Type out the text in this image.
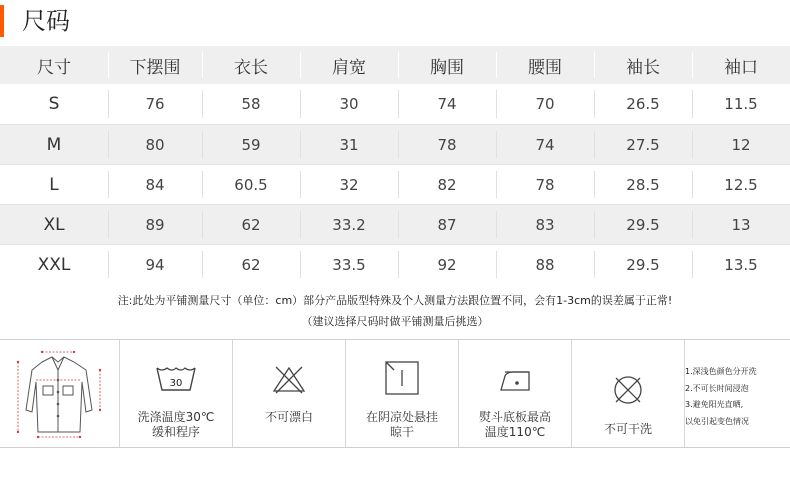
尺码
尺寸	下摆围	衣长	肩宽	胸围	腰围	袖长	袖口
S	76	58	30	74	70	26.5	11.5
M	80	59	31	78	74	27.5	12
L	84	60.5	32	82	78	28.5	12.5
XL	89	62	33.2	87	83	29.5	13
XXL	94	62	33.5	92	88	29.5	13.5
注:此处为平铺测量尺寸（单位：cm）部分产品版型特殊及个人测量方法跟位置不同，会有1-3cm的误差属于正常!
（建议选择尺码时做平铺测量后挑选）
30
洗涤温度30℃
缓和程序
不可漂白	在阴凉处悬挂
晾干
熨斗底板最高
温度110℃	不可干洗
1.深浅色颜色分开洗
2.不可长时间浸泡
3.避免阳光直晒,
以免引起变色情况
